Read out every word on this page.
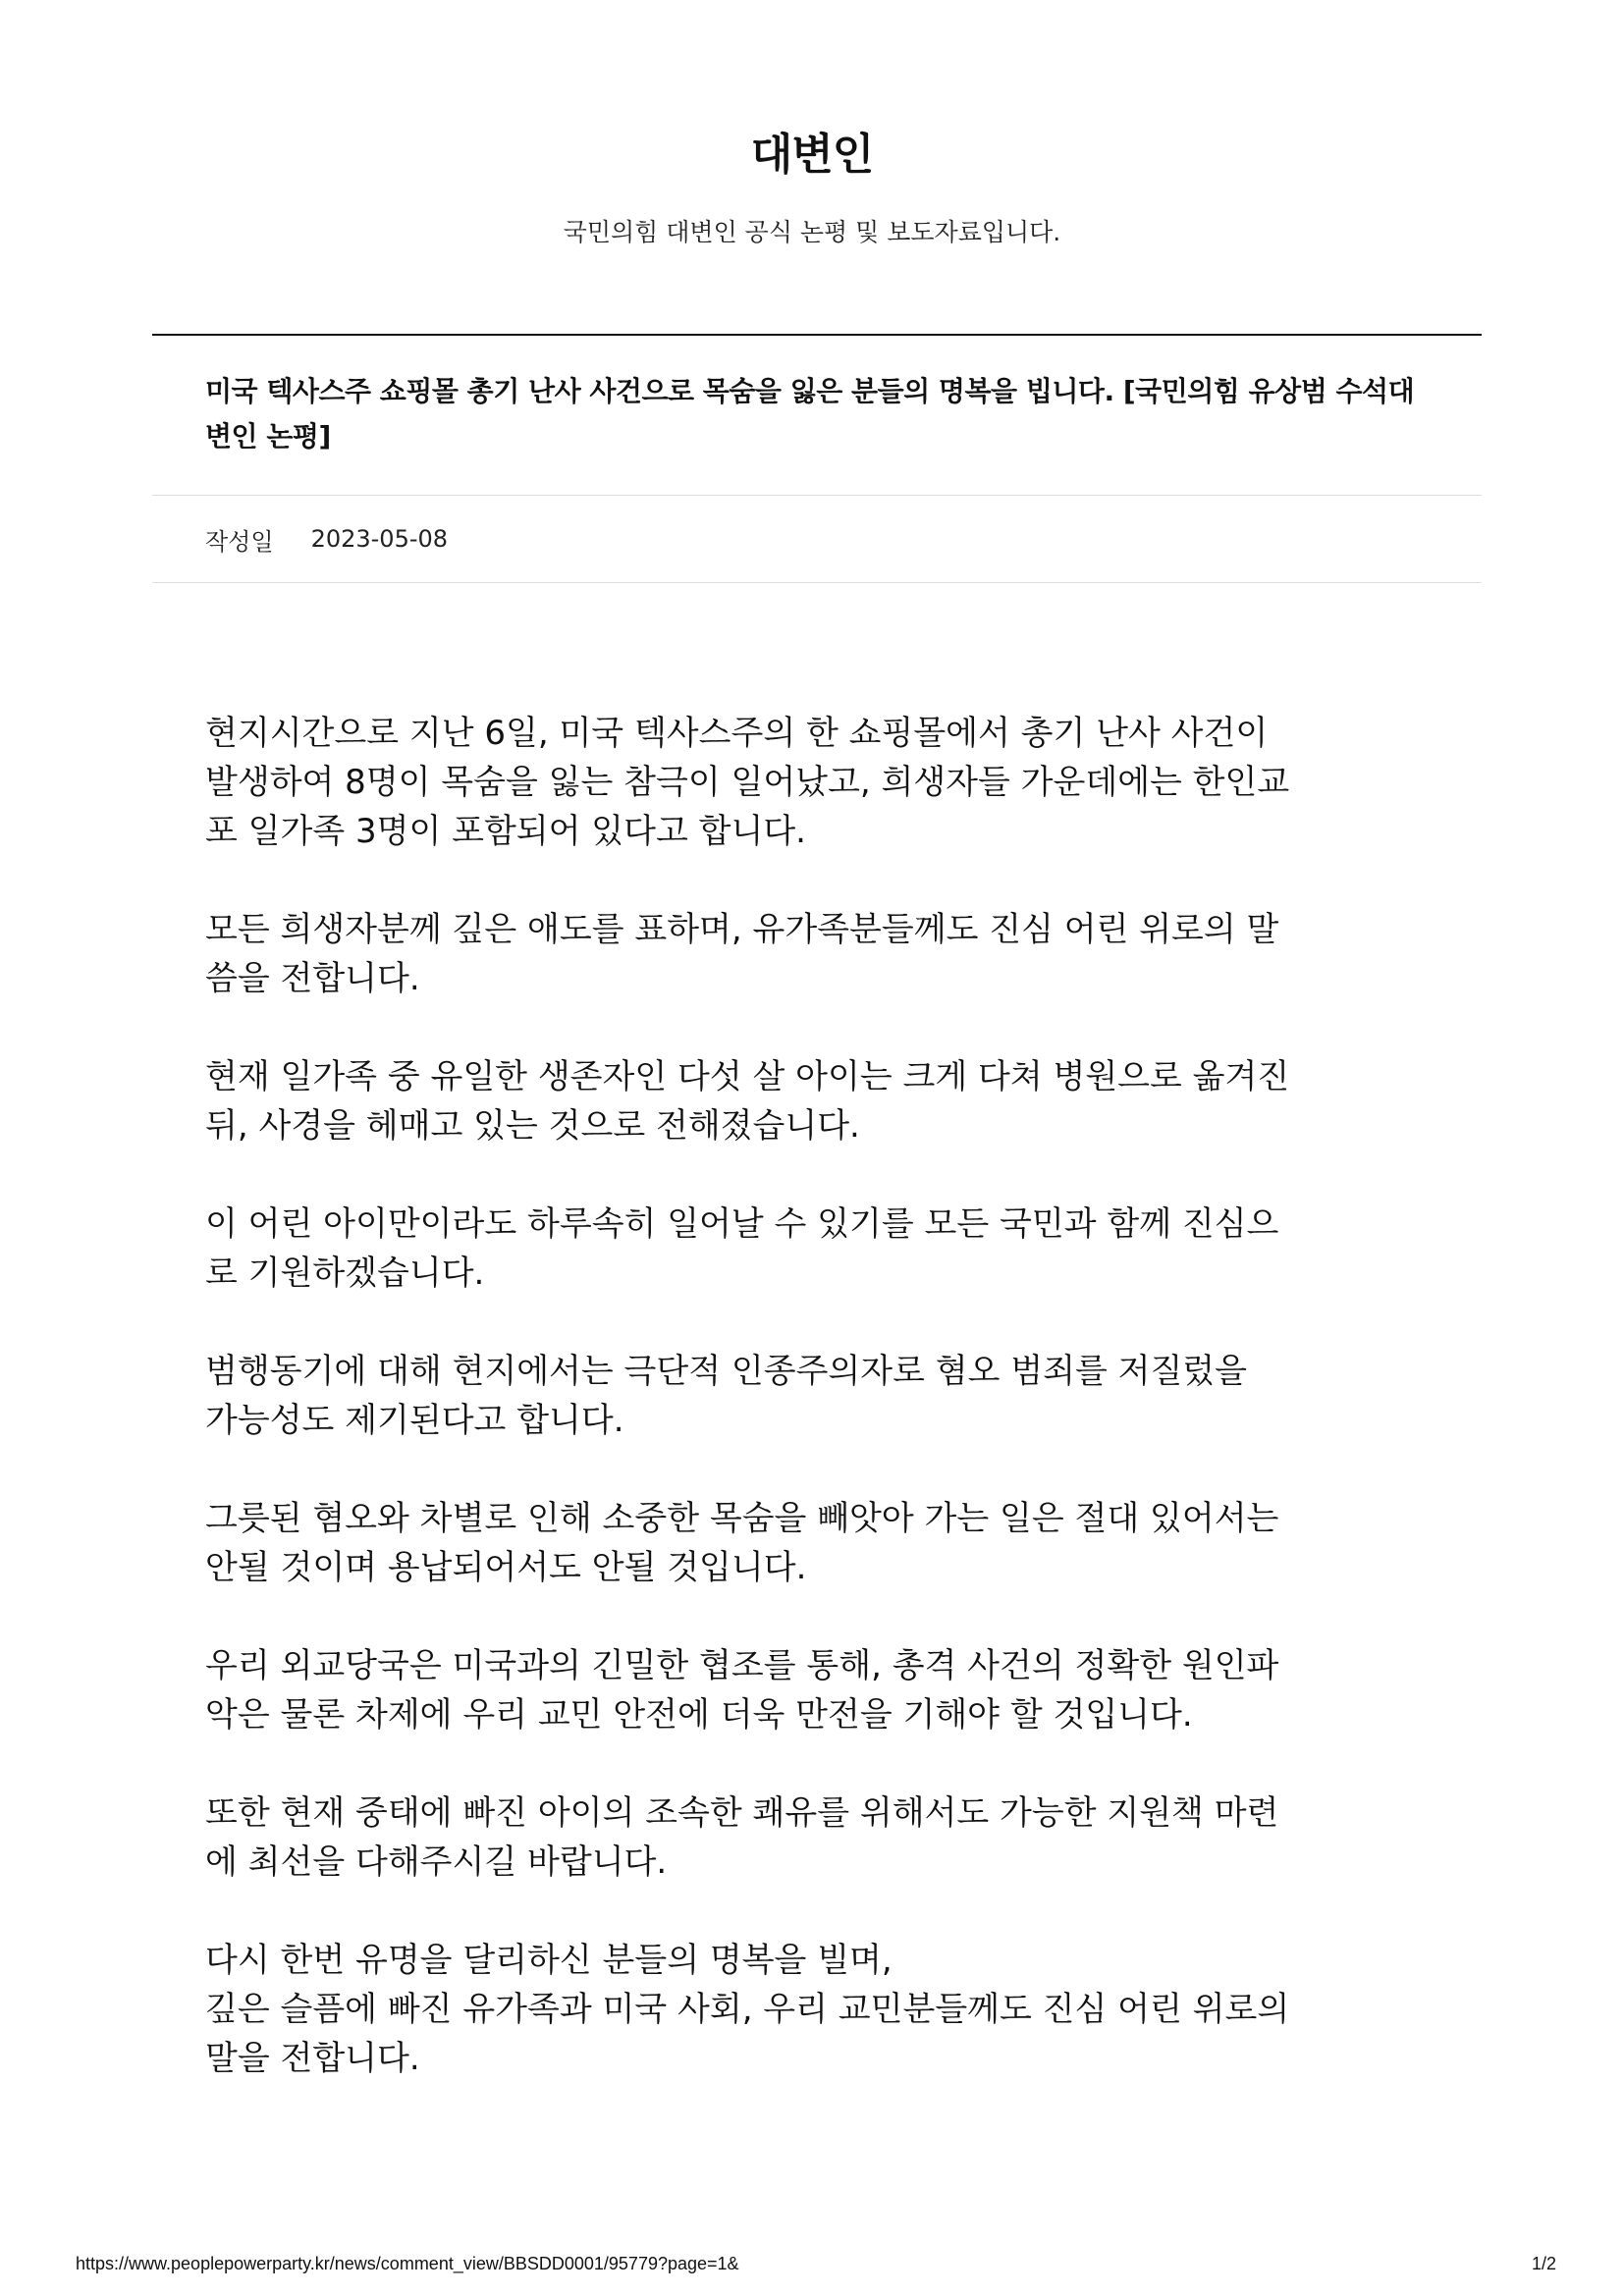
대변인
국민의힘 대변인 공식 논평 및 보도자료입니다.
미국 텍사스주 쇼핑몰 총기 난사 사건으로 목숨을 잃은 분들의 명복을 빕니다. [국민의힘 유상범 수석대변인 논평]
작성일 2023-05-08

현지시간으로 지난 6일, 미국 텍사스주의 한 쇼핑몰에서 총기 난사 사건이
발생하여 8명이 목숨을 잃는 참극이 일어났고, 희생자들 가운데에는 한인교
포 일가족 3명이 포함되어 있다고 합니다.

모든 희생자분께 깊은 애도를 표하며, 유가족분들께도 진심 어린 위로의 말
씀을 전합니다.

현재 일가족 중 유일한 생존자인 다섯 살 아이는 크게 다쳐 병원으로 옮겨진
뒤, 사경을 헤매고 있는 것으로 전해졌습니다.

이 어린 아이만이라도 하루속히 일어날 수 있기를 모든 국민과 함께 진심으
로 기원하겠습니다.

범행동기에 대해 현지에서는 극단적 인종주의자로 혐오 범죄를 저질렀을
가능성도 제기된다고 합니다.

그릇된 혐오와 차별로 인해 소중한 목숨을 빼앗아 가는 일은 절대 있어서는
안될 것이며 용납되어서도 안될 것입니다.

우리 외교당국은 미국과의 긴밀한 협조를 통해, 총격 사건의 정확한 원인파
악은 물론 차제에 우리 교민 안전에 더욱 만전을 기해야 할 것입니다.

또한 현재 중태에 빠진 아이의 조속한 쾌유를 위해서도 가능한 지원책 마련
에 최선을 다해주시길 바랍니다.

다시 한번 유명을 달리하신 분들의 명복을 빌며,
깊은 슬픔에 빠진 유가족과 미국 사회, 우리 교민분들께도 진심 어린 위로의
말을 전합니다.

https://www.peoplepowerparty.kr/news/comment_view/BBSDD0001/95779?page=1&	1/2
